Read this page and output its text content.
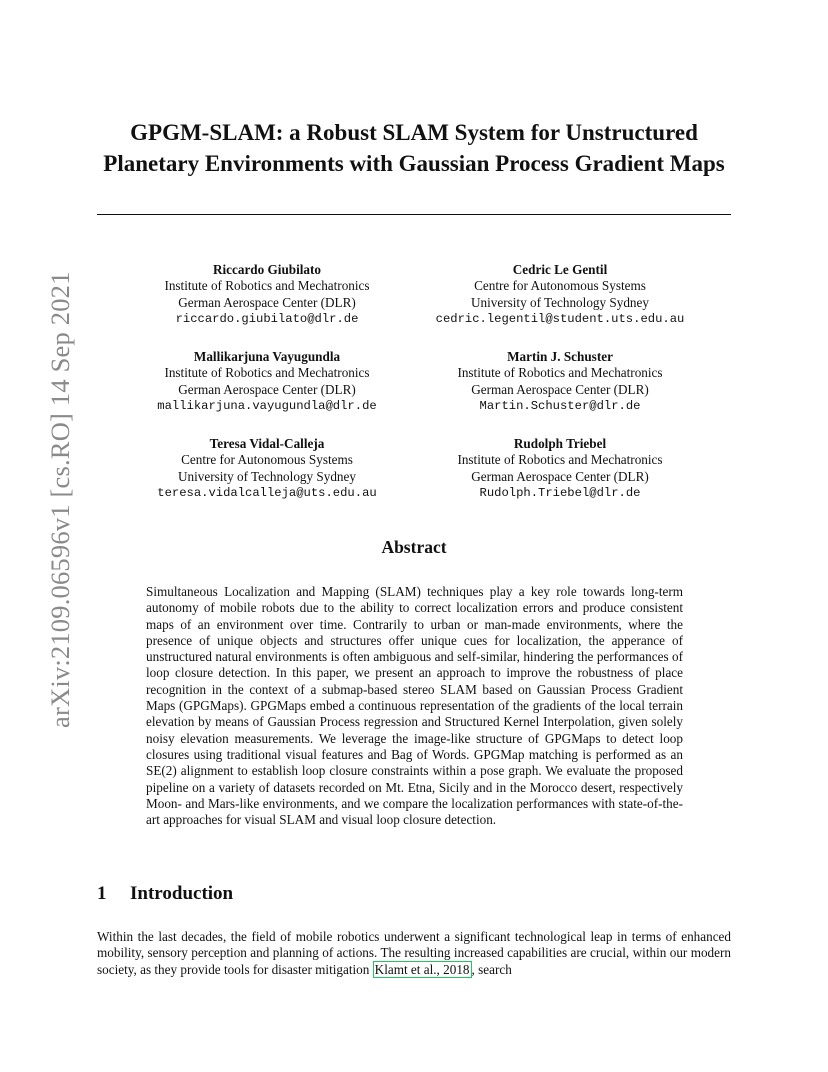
arXiv:2109.06596v1 [cs.RO] 14 Sep 2021
GPGM-SLAM: a Robust SLAM System for Unstructured Planetary Environments with Gaussian Process Gradient Maps
Riccardo Giubilato
Institute of Robotics and Mechatronics
German Aerospace Center (DLR)
riccardo.giubilato@dlr.de
Cedric Le Gentil
Centre for Autonomous Systems
University of Technology Sydney
cedric.legentil@student.uts.edu.au
Mallikarjuna Vayugundla
Institute of Robotics and Mechatronics
German Aerospace Center (DLR)
mallikarjuna.vayugundla@dlr.de
Martin J. Schuster
Institute of Robotics and Mechatronics
German Aerospace Center (DLR)
Martin.Schuster@dlr.de
Teresa Vidal-Calleja
Centre for Autonomous Systems
University of Technology Sydney
teresa.vidalcalleja@uts.edu.au
Rudolph Triebel
Institute of Robotics and Mechatronics
German Aerospace Center (DLR)
Rudolph.Triebel@dlr.de
Abstract

Simultaneous Localization and Mapping (SLAM) techniques play a key role towards long-term autonomy of mobile robots due to the ability to correct localization errors and produce consistent maps of an environment over time. Contrarily to urban or man-made environments, where the presence of unique objects and structures offer unique cues for localization, the apperance of unstructured natural environments is often ambiguous and self-similar, hindering the performances of loop closure detection. In this paper, we present an approach to improve the robustness of place recognition in the context of a submap-based stereo SLAM based on Gaussian Process Gradient Maps (GPGMaps). GPGMaps embed a continuous representation of the gradients of the local terrain elevation by means of Gaussian Process regression and Structured Kernel Interpolation, given solely noisy elevation measurements. We leverage the image-like structure of GPGMaps to detect loop closures using traditional visual features and Bag of Words. GPGMap matching is performed as an SE(2) alignment to establish loop closure constraints within a pose graph. We evaluate the proposed pipeline on a variety of datasets recorded on Mt. Etna, Sicily and in the Morocco desert, respectively Moon- and Mars-like environments, and we compare the localization performances with state-of-the-art approaches for visual SLAM and visual loop closure detection.

1 Introduction

Within the last decades, the field of mobile robotics underwent a significant technological leap in terms of enhanced mobility, sensory perception and planning of actions. The resulting increased capabilities are crucial, within our modern society, as they provide tools for disaster mitigation Klamt et al., 2018 , search
